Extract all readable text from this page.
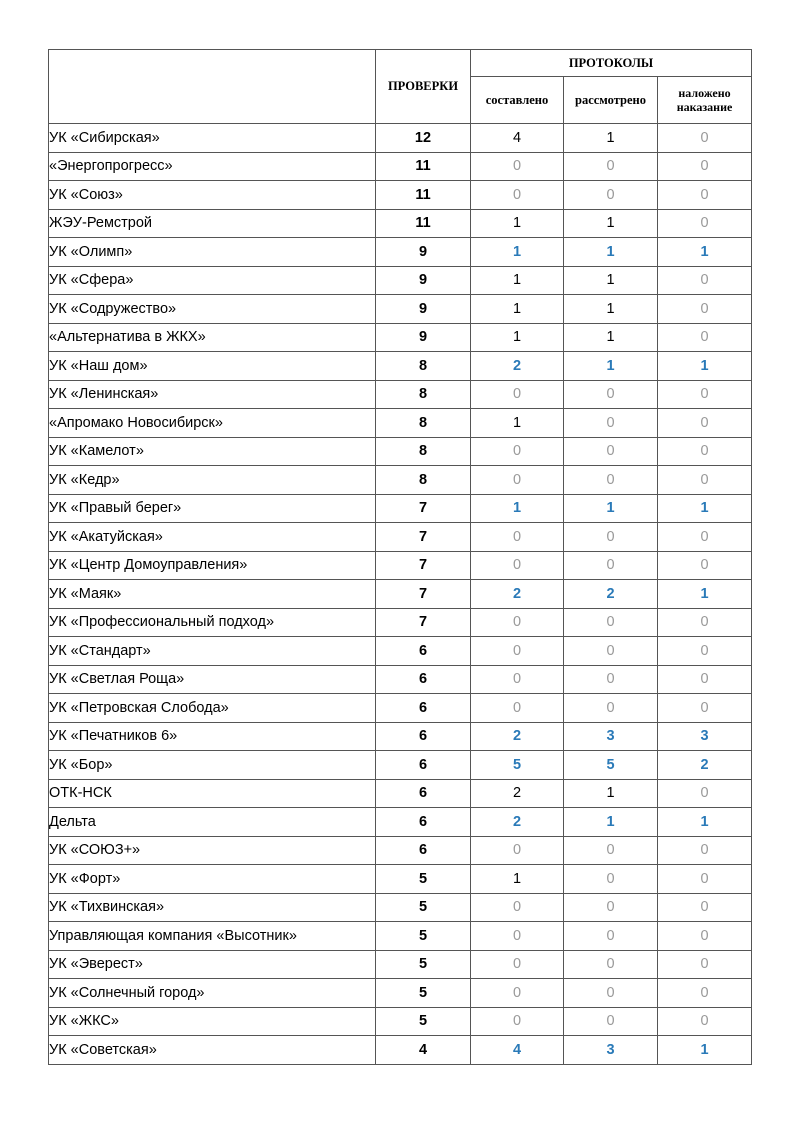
	ПРОВЕРКИ	ПРОТОКОЛЫ		
		составлено	рассмотрено	наложено наказание
УК «Сибирская»	12	4	1	0
«Энергопрогресс»	11	0	0	0
УК «Союз»	11	0	0	0
ЖЭУ-Ремстрой	11	1	1	0
УК «Олимп»	9	1	1	1
УК «Сфера»	9	1	1	0
УК «Содружество»	9	1	1	0
«Альтернатива в ЖКХ»	9	1	1	0
УК «Наш дом»	8	2	1	1
УК «Ленинская»	8	0	0	0
«Апромако Новосибирск»	8	1	0	0
УК «Камелот»	8	0	0	0
УК «Кедр»	8	0	0	0
УК «Правый берег»	7	1	1	1
УК «Акатуйская»	7	0	0	0
УК «Центр Домоуправления»	7	0	0	0
УК «Маяк»	7	2	2	1
УК «Профессиональный подход»	7	0	0	0
УК «Стандарт»	6	0	0	0
УК «Светлая Роща»	6	0	0	0
УК «Петровская Слобода»	6	0	0	0
УК «Печатников 6»	6	2	3	3
УК «Бор»	6	5	5	2
ОТК-НСК	6	2	1	0
Дельта	6	2	1	1
УК «СОЮЗ+»	6	0	0	0
УК «Форт»	5	1	0	0
УК «Тихвинская»	5	0	0	0
Управляющая компания «Высотник»	5	0	0	0
УК «Эверест»	5	0	0	0
УК «Солнечный город»	5	0	0	0
УК «ЖКС»	5	0	0	0
УК «Советская»	4	4	3	1
